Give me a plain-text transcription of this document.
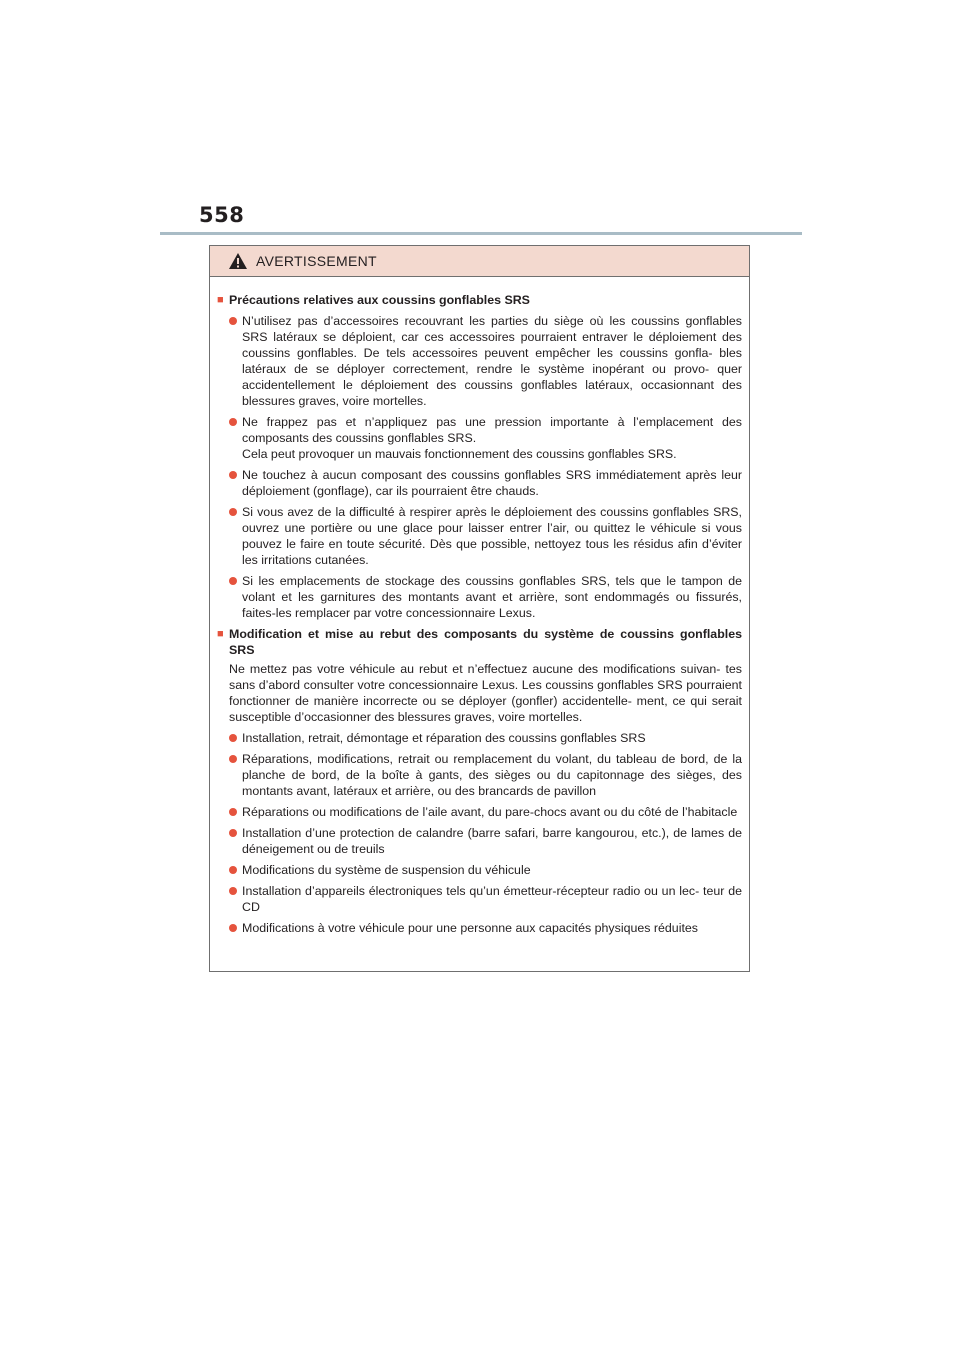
558
AVERTISSEMENT
■ Précautions relatives aux coussins gonflables SRS
N’utilisez pas d’accessoires recouvrant les parties du siège où les coussins gonflables SRS latéraux se déploient, car ces accessoires pourraient entraver le déploiement des coussins gonflables. De tels accessoires peuvent empêcher les coussins gonfla- bles latéraux de se déployer correctement, rendre le système inopérant ou provo- quer accidentellement le déploiement des coussins gonflables latéraux, occasionnant des blessures graves, voire mortelles.
Ne frappez pas et n’appliquez pas une pression importante à l’emplacement des composants des coussins gonflables SRS.
Cela peut provoquer un mauvais fonctionnement des coussins gonflables SRS.
Ne touchez à aucun composant des coussins gonflables SRS immédiatement après leur déploiement (gonflage), car ils pourraient être chauds.
Si vous avez de la difficulté à respirer après le déploiement des coussins gonflables SRS, ouvrez une portière ou une glace pour laisser entrer l’air, ou quittez le véhicule si vous pouvez le faire en toute sécurité. Dès que possible, nettoyez tous les résidus afin d’éviter les irritations cutanées.
Si les emplacements de stockage des coussins gonflables SRS, tels que le tampon de volant et les garnitures des montants avant et arrière, sont endommagés ou fissurés, faites-les remplacer par votre concessionnaire Lexus.
■ Modification et mise au rebut des composants du système de coussins gonflables SRS
Ne mettez pas votre véhicule au rebut et n’effectuez aucune des modifications suivan- tes sans d’abord consulter votre concessionnaire Lexus. Les coussins gonflables SRS pourraient fonctionner de manière incorrecte ou se déployer (gonfler) accidentelle- ment, ce qui serait susceptible d’occasionner des blessures graves, voire mortelles.
Installation, retrait, démontage et réparation des coussins gonflables SRS
Réparations, modifications, retrait ou remplacement du volant, du tableau de bord, de la planche de bord, de la boîte à gants, des sièges ou du capitonnage des sièges, des montants avant, latéraux et arrière, ou des brancards de pavillon
Réparations ou modifications de l’aile avant, du pare-chocs avant ou du côté de l’habitacle
Installation d’une protection de calandre (barre safari, barre kangourou, etc.), de lames de déneigement ou de treuils
Modifications du système de suspension du véhicule
Installation d’appareils électroniques tels qu’un émetteur-récepteur radio ou un lec- teur de CD
Modifications à votre véhicule pour une personne aux capacités physiques réduites
